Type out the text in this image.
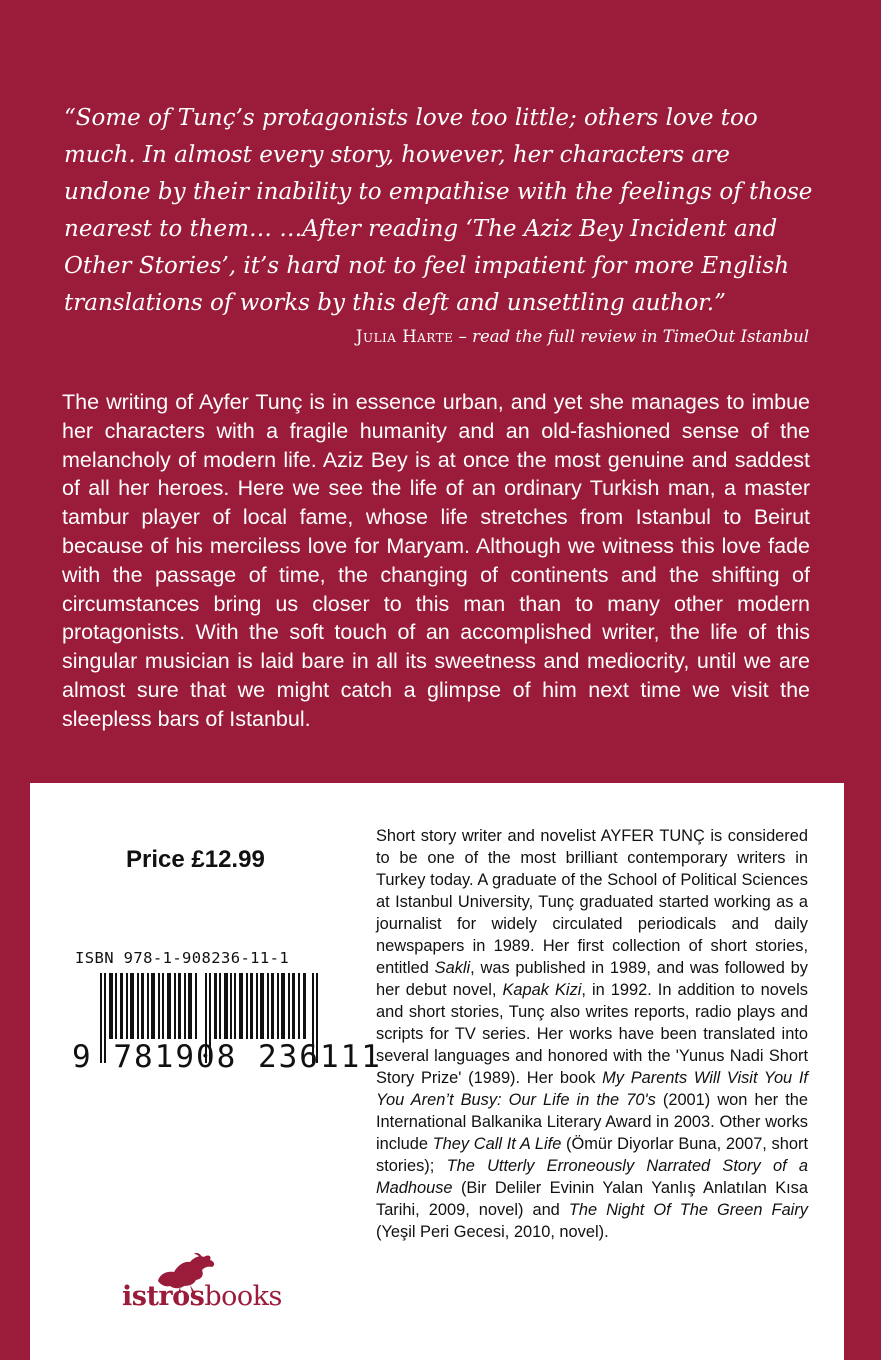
“Some of Tunç’s protagonists love too little; others love too much. In almost every story, however, her characters are undone by their inability to empathise with the feelings of those nearest to them… …After reading ‘The Aziz Bey Incident and Other Stories’, it’s hard not to feel impatient for more English translations of works by this deft and unsettling author.”

Julia Harte – read the full review in TimeOut Istanbul

The writing of Ayfer Tunç is in essence urban, and yet she manages to imbue her characters with a fragile humanity and an old-fashioned sense of the melancholy of modern life. Aziz Bey is at once the most genuine and saddest of all her heroes. Here we see the life of an ordinary Turkish man, a master tambur player of local fame, whose life stretches from Istanbul to Beirut because of his merciless love for Maryam. Although we witness this love fade with the passage of time, the changing of continents and the shifting of circumstances bring us closer to this man than to many other modern protagonists. With the soft touch of an accomplished writer, the life of this singular musician is laid bare in all its sweetness and mediocrity, until we are almost sure that we might catch a glimpse of him next time we visit the sleepless bars of Istanbul.

Price £12.99
ISBN 978-1-908236-11-1
9 781908 236111
istrosbooks

Short story writer and novelist AYFER TUNÇ is considered to be one of the most brilliant contemporary writers in Turkey today. A graduate of the School of Political Sciences at Istanbul University, Tunç graduated started working as a journalist for widely circulated periodicals and daily newspapers in 1989. Her first collection of short stories, entitled Sakli, was published in 1989, and was followed by her debut novel, Kapak Kizi, in 1992. In addition to novels and short stories, Tunç also writes reports, radio plays and scripts for TV series. Her works have been translated into several languages and honored with the 'Yunus Nadi Short Story Prize' (1989). Her book My Parents Will Visit You If You Aren’t Busy: Our Life in the 70's (2001) won her the International Balkanika Literary Award in 2003. Other works include They Call It A Life (Ömür Diyorlar Buna, 2007, short stories); The Utterly Erroneously Narrated Story of a Madhouse (Bir Deliler Evinin Yalan Yanlış Anlatılan Kısa Tarihi, 2009, novel) and The Night Of The Green Fairy (Yeşil Peri Gecesi, 2010, novel).
